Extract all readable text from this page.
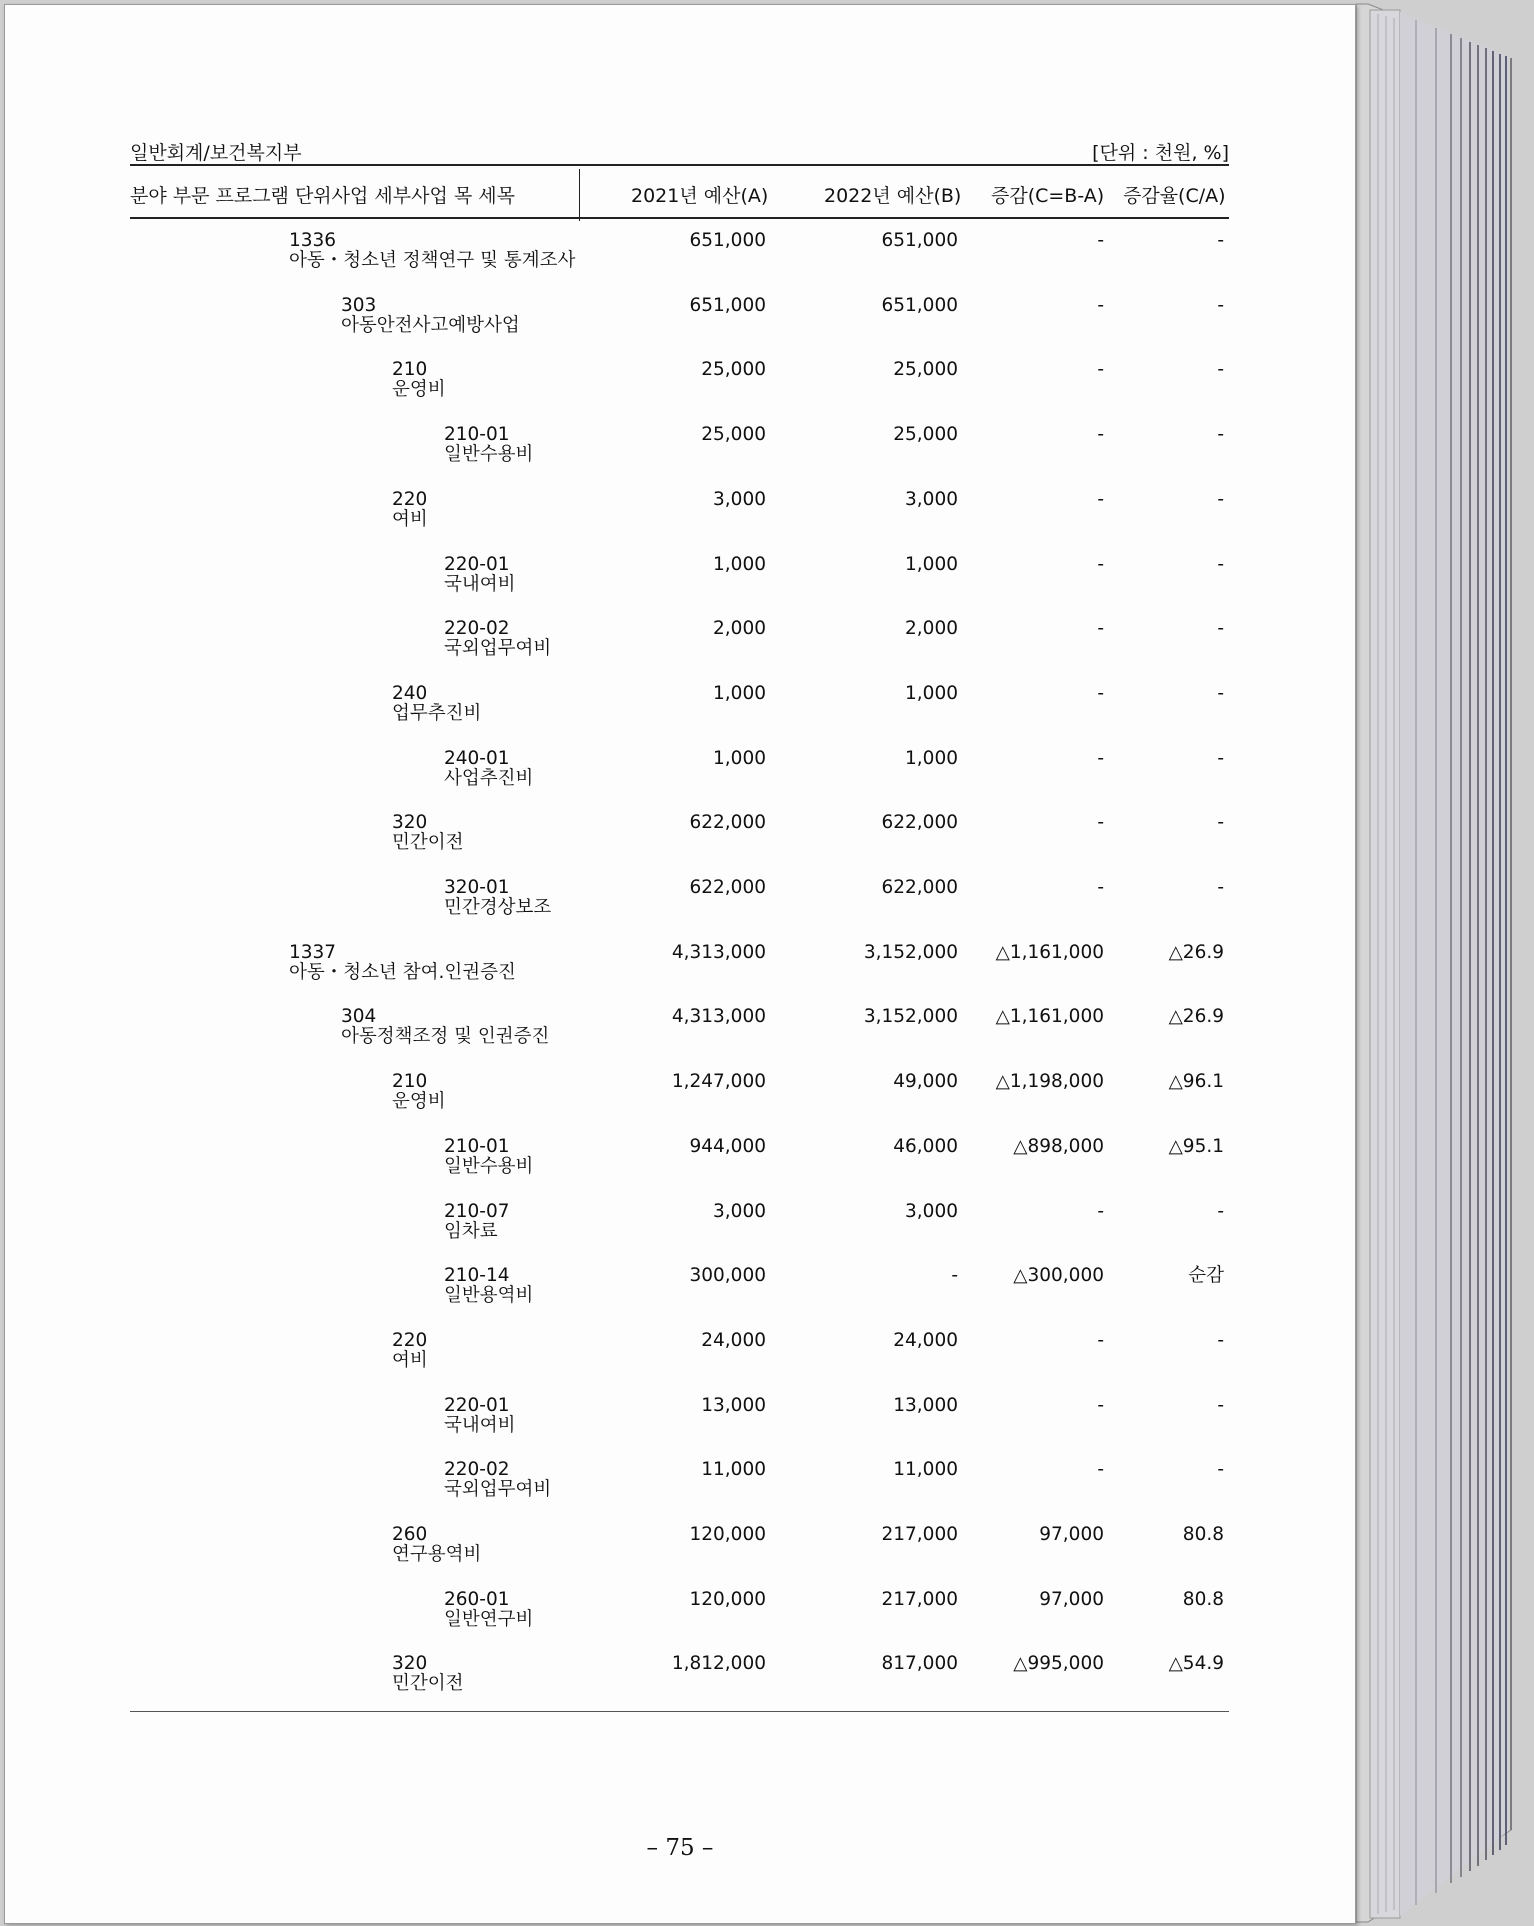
일반회계/보건복지부	[단위 : 천원, %]
분야 부문 프로그램 단위사업 세부사업 목 세목	2021년 예산(A)	2022년 예산(B) 증감(C=B-A) 증감율(C/A)
1336
아동・청소년 정책연구 및 통계조사
651,000	651,000	-	-
303
아동안전사고예방사업
651,000	651,000	-	-
210
운영비
25,000	25,000	-	-
210-01
일반수용비
25,000	25,000	-	-
220
여비
3,000	3,000	-	-
220-01
국내여비
1,000	1,000	-	-
220-02
국외업무여비
2,000	2,000	-	-
240
업무추진비
1,000	1,000	-	-
240-01
사업추진비
1,000	1,000	-	-
320
민간이전
622,000	622,000	-	-
320-01
민간경상보조
622,000	622,000	-	-
1337
아동・청소년 참여.인권증진
4,313,000	3,152,000	△1,161,000	△26.9
304
아동정책조정 및 인권증진
4,313,000	3,152,000	△1,161,000	△26.9
210
운영비
1,247,000	49,000	△1,198,000	△96.1
210-01
일반수용비
944,000	46,000	△898,000	△95.1
210-07
임차료
3,000	3,000	-	-
210-14
일반용역비
300,000	-	△300,000	순감
220
여비
24,000	24,000	-	-
220-01
국내여비
13,000	13,000	-	-
220-02
국외업무여비
11,000	11,000	-	-
260
연구용역비
120,000	217,000	97,000	80.8
260-01
일반연구비
120,000	217,000	97,000	80.8
320
민간이전
1,812,000	817,000	△995,000	△54.9
– 75 –
